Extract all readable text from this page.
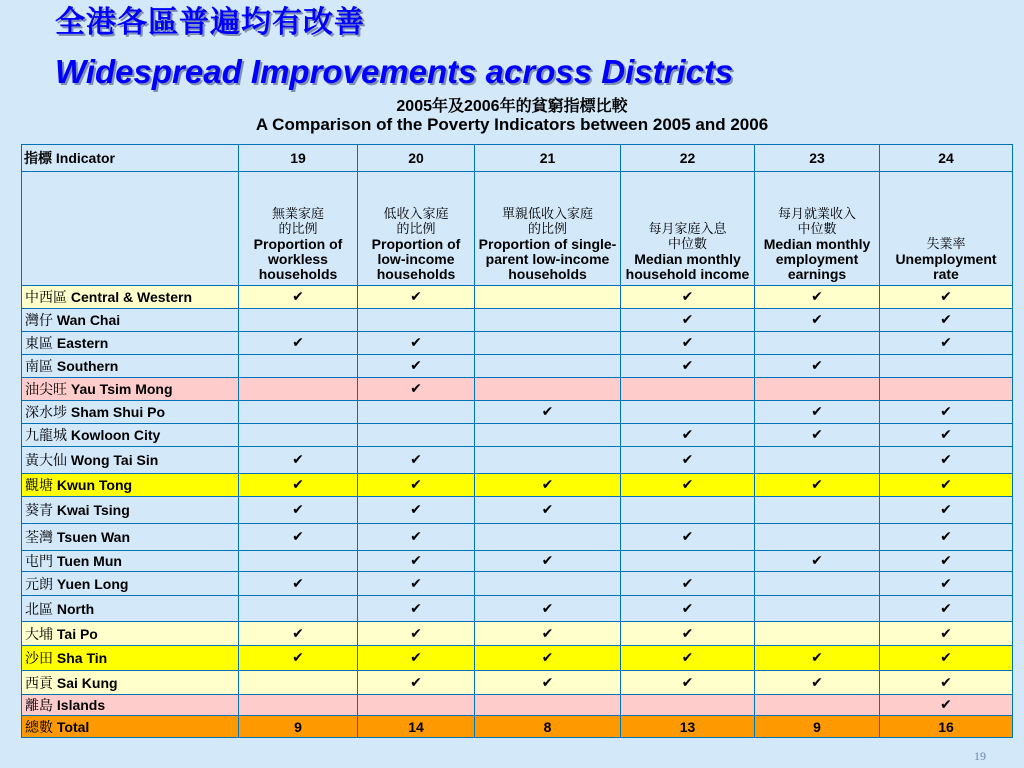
全港各區普遍均有改善
Widespread Improvements across Districts
2005年及2006年的貧窮指標比較
A Comparison of the Poverty Indicators between 2005 and 2006
指標 Indicator	19	20	21	22	23	24

	無業家庭
的比例
Proportion of workless households	低收入家庭
的比例
Proportion of low-income households	單親低收入家庭
的比例
Proportion of single-parent low-income households	每月家庭入息
中位數
Median monthly household income	每月就業收入
中位數
Median monthly employment earnings	失業率
Unemployment rate

中西區 Central & Western	✔	✔		✔	✔	✔
灣仔 Wan Chai				✔	✔	✔
東區 Eastern	✔	✔		✔		✔
南區 Southern		✔		✔	✔	
油尖旺 Yau Tsim Mong		✔				
深水埗 Sham Shui Po			✔		✔	✔
九龍城 Kowloon City				✔	✔	✔
黃大仙 Wong Tai Sin	✔	✔		✔		✔
觀塘 Kwun Tong	✔	✔	✔	✔	✔	✔
葵青 Kwai Tsing	✔	✔	✔			✔
荃灣 Tsuen Wan	✔	✔		✔		✔
屯門 Tuen Mun		✔	✔		✔	✔
元朗 Yuen Long	✔	✔		✔		✔
北區 North		✔	✔	✔		✔
大埔 Tai Po	✔	✔	✔	✔		✔
沙田 Sha Tin	✔	✔	✔	✔	✔	✔
西貢 Sai Kung		✔	✔	✔	✔	✔
離島 Islands						✔
總數 Total	9	14	8	13	9	16
19
